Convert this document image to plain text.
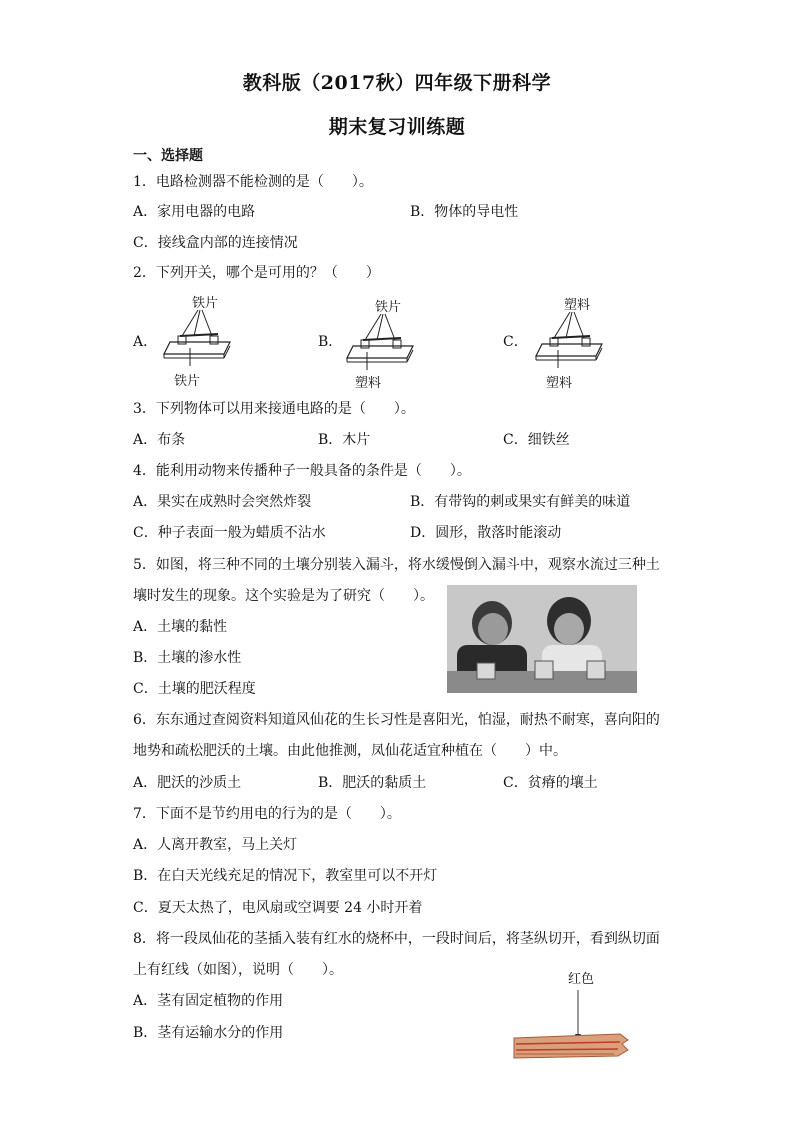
教科版（2017秋）四年级下册科学
期末复习训练题
一、选择题
1．电路检测器不能检测的是（　　）。
A．家用电器的电路	B．物体的导电性
C．接线盒内部的连接情况
2．下列开关，哪个是可用的？（　　）
A．	B．	C．
铁片
铁片
铁片
塑料
塑料
塑料
3．下列物体可以用来接通电路的是（　　）。
A．布条	B．木片	C．细铁丝
4．能利用动物来传播种子一般具备的条件是（　　）。
A．果实在成熟时会突然炸裂	B．有带钩的刺或果实有鲜美的味道
C．种子表面一般为蜡质不沾水	D．圆形，散落时能滚动
5．如图，将三种不同的土壤分别装入漏斗，将水缓慢倒入漏斗中，观察水流过三种土
壤时发生的现象。这个实验是为了研究（　　）。
A．土壤的黏性
B．土壤的渗水性
C．土壤的肥沃程度
6．东东通过查阅资料知道风仙花的生长习性是喜阳光，怕湿，耐热不耐寒，喜向阳的
地势和疏松肥沃的土壤。由此他推测，凤仙花适宜种植在（　　）中。
A．肥沃的沙质土	B．肥沃的黏质土	C．贫瘠的壤土
7．下面不是节约用电的行为的是（　　）。
A．人离开教室，马上关灯
B．在白天光线充足的情况下，教室里可以不开灯
C．夏天太热了，电风扇或空调要 24 小时开着
8．将一段凤仙花的茎插入装有红水的烧杯中，一段时间后，将茎纵切开，看到纵切面
上有红线（如图），说明（　　）。
A．茎有固定植物的作用
B．茎有运输水分的作用
红色
